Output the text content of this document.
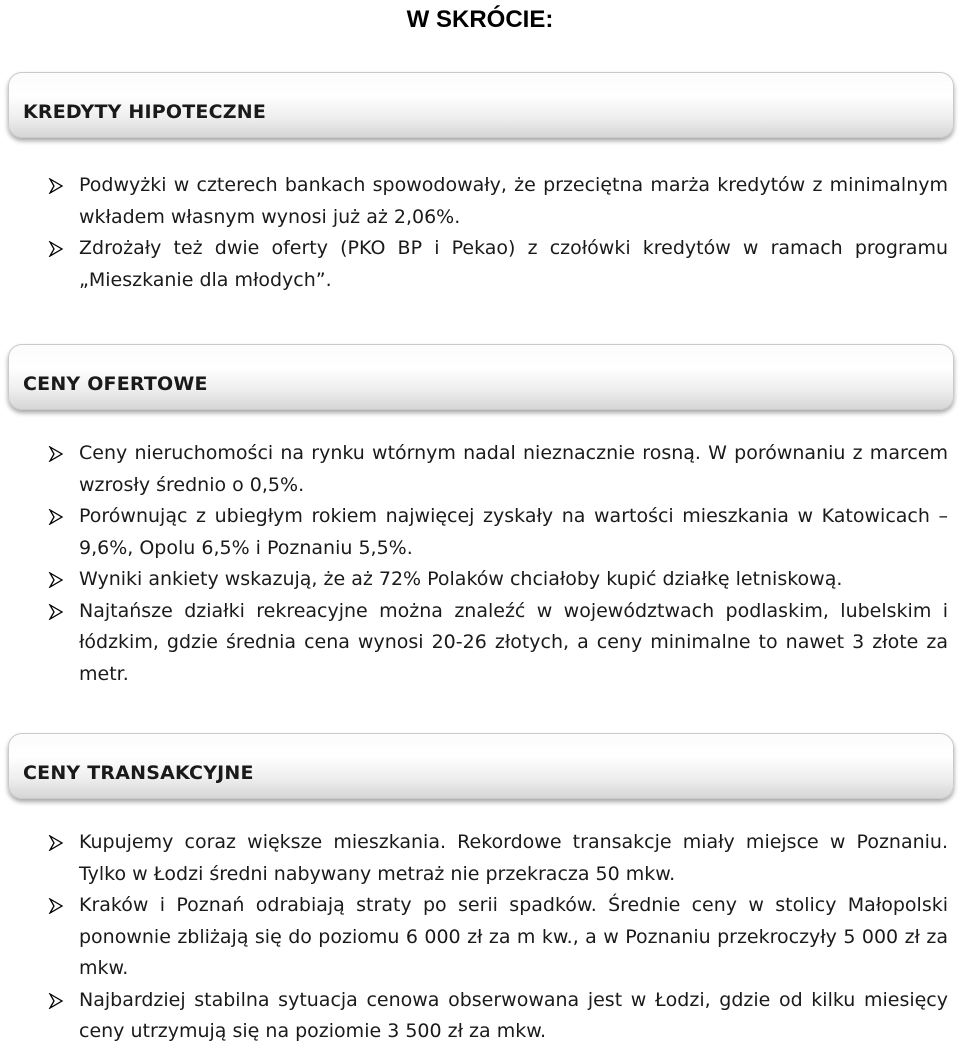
W SKRÓCIE:
KREDYTY HIPOTECZNE
Podwyżki w czterech bankach spowodowały, że przeciętna marża kredytów z minimalnym wkładem własnym wynosi już aż 2,06%.
Zdrożały też dwie oferty (PKO BP i Pekao) z czołówki kredytów w ramach programu „Mieszkanie dla młodych”.
CENY OFERTOWE
Ceny nieruchomości na rynku wtórnym nadal nieznacznie rosną. W porównaniu z marcem wzrosły średnio o 0,5%.
Porównując z ubiegłym rokiem najwięcej zyskały na wartości mieszkania w Katowicach – 9,6%, Opolu 6,5% i Poznaniu 5,5%.
Wyniki ankiety wskazują, że aż 72% Polaków chciałoby kupić działkę letniskową.
Najtańsze działki rekreacyjne można znaleźć w województwach podlaskim, lubelskim i łódzkim, gdzie średnia cena wynosi 20-26 złotych, a ceny minimalne to nawet 3 złote za metr.
CENY TRANSAKCYJNE
Kupujemy coraz większe mieszkania. Rekordowe transakcje miały miejsce w Poznaniu. Tylko w Łodzi średni nabywany metraż nie przekracza 50 mkw.
Kraków i Poznań odrabiają straty po serii spadków. Średnie ceny w stolicy Małopolski ponownie zbliżają się do poziomu 6 000 zł za m kw., a w Poznaniu przekroczyły 5 000 zł za mkw.
Najbardziej stabilna sytuacja cenowa obserwowana jest w Łodzi, gdzie od kilku miesięcy ceny utrzymują się na poziomie 3 500 zł za mkw.
